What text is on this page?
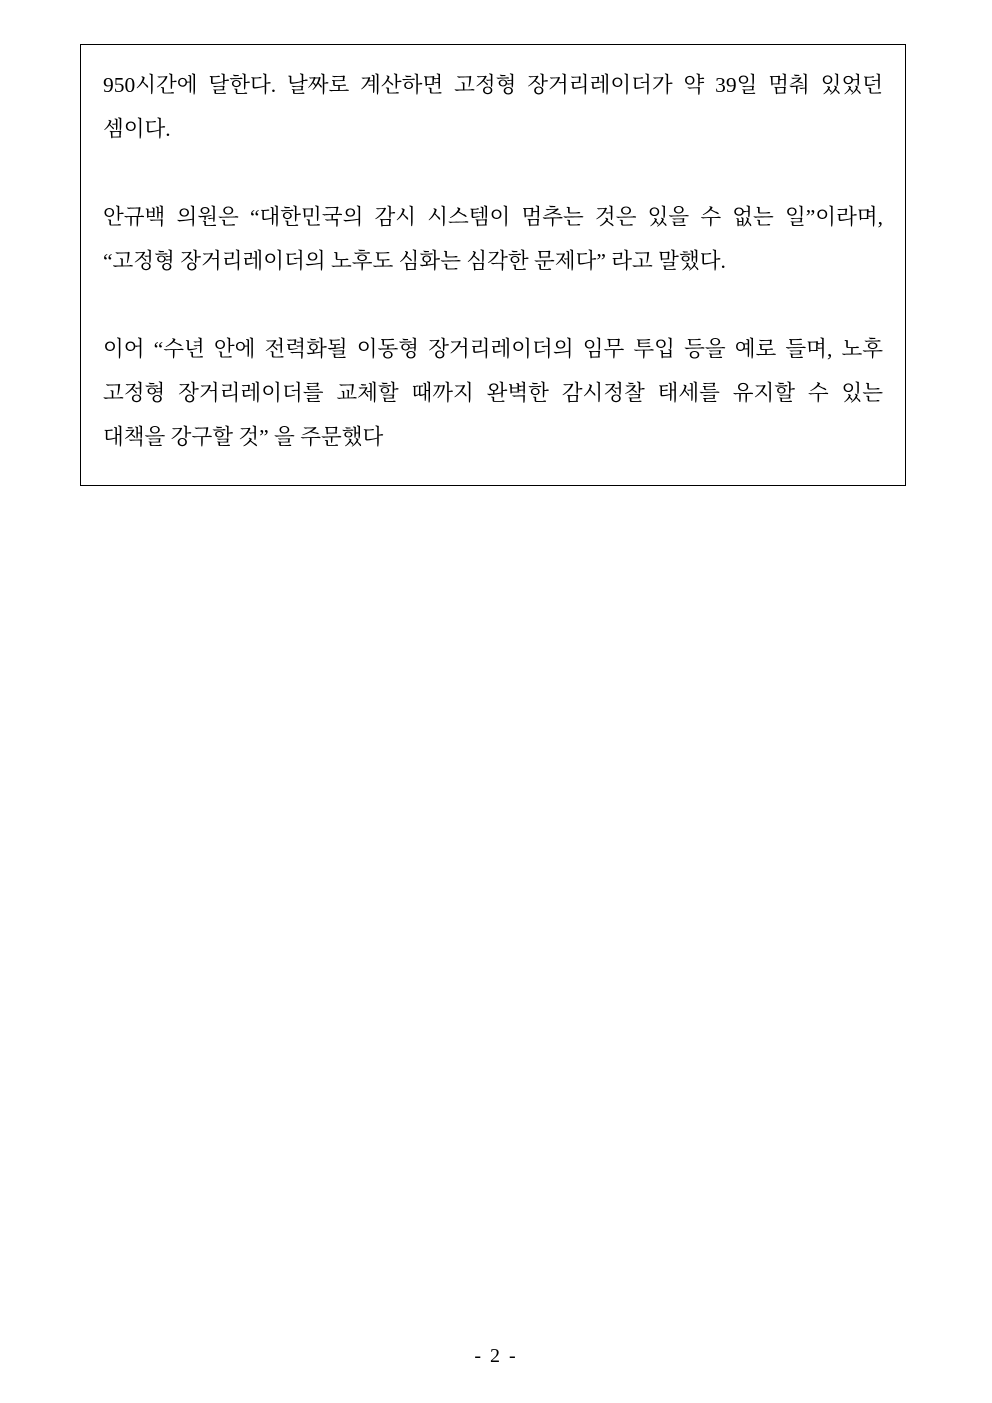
950시간에 달한다. 날짜로 계산하면 고정형 장거리레이더가 약 39일 멈춰 있었던 셈이다.

안규백 의원은 “대한민국의 감시 시스템이 멈추는 것은 있을 수 없는 일”이라며, “고정형 장거리레이더의 노후도 심화는 심각한 문제다” 라고 말했다.

이어 “수년 안에 전력화될 이동형 장거리레이더의 임무 투입 등을 예로 들며, 노후 고정형 장거리레이더를 교체할 때까지 완벽한 감시정찰 태세를 유지할 수 있는 대책을 강구할 것” 을 주문했다

- 2 -
